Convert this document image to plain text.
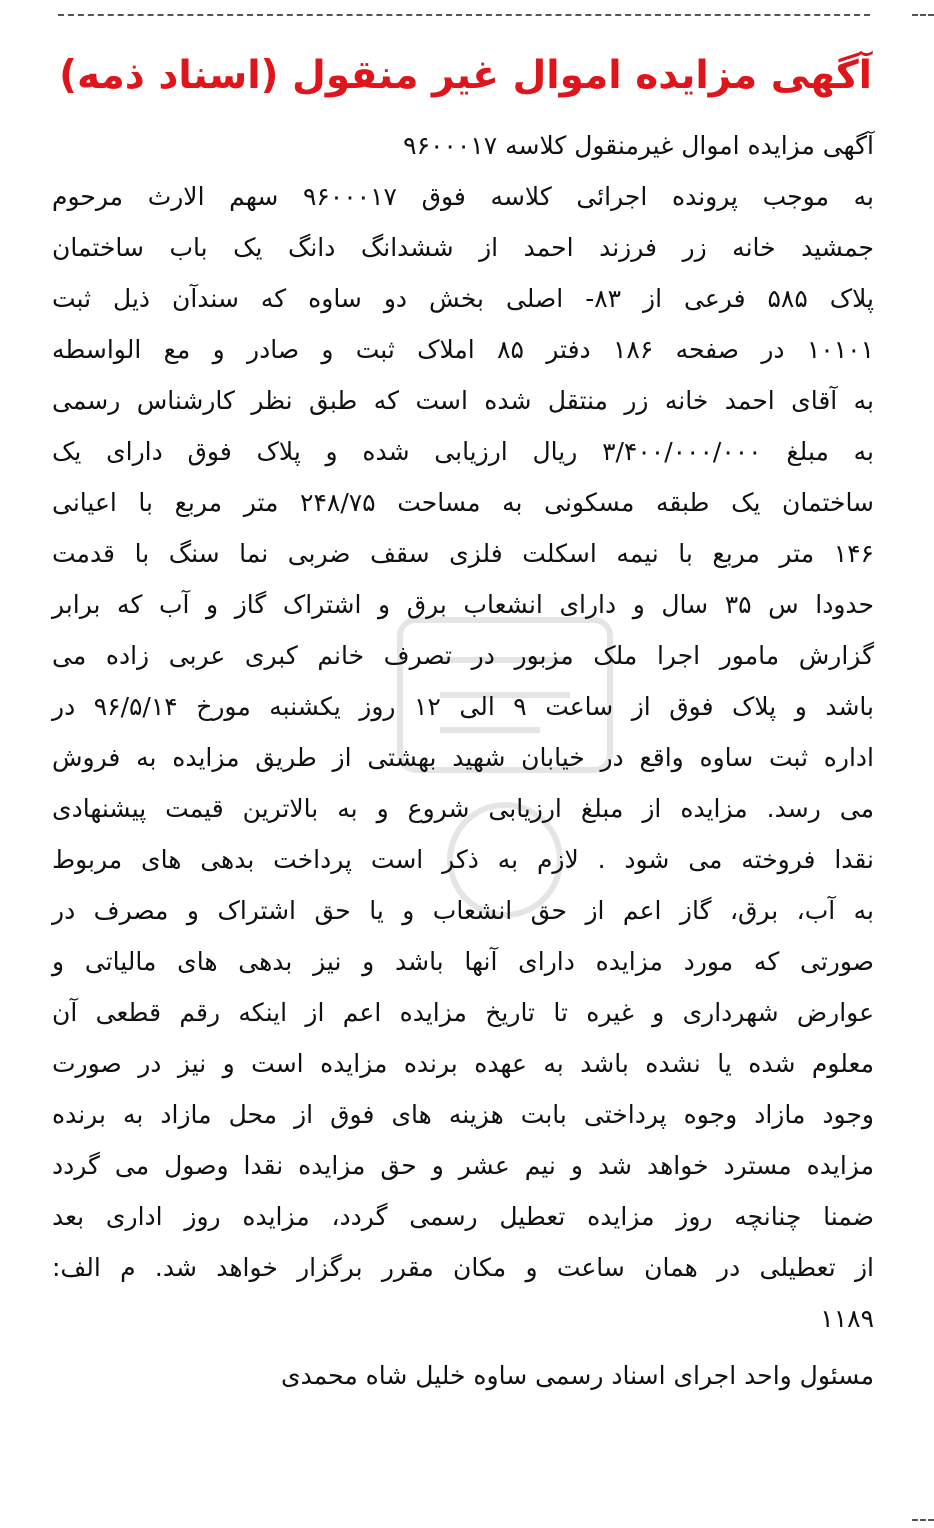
آگهی مزایده اموال غیر منقول (اسناد ذمه)
آگهی مزایده اموال غیرمنقول کلاسه ۹۶۰۰۰۱۷
به موجب پرونده اجرائی کلاسه فوق ۹۶۰۰۰۱۷ سهم الارث مرحوم
جمشید خانه زر فرزند احمد از ششدانگ دانگ یک باب ساختمان
پلاک ۵۸۵ فرعی از ۸۳- اصلی بخش دو ساوه که سندآن ذیل ثبت
۱۰۱۰۱ در صفحه ۱۸۶ دفتر ۸۵ املاک ثبت و صادر و مع الواسطه
به آقای احمد خانه زر منتقل شده است که طبق نظر کارشناس رسمی
به مبلغ ۳/۴۰۰/۰۰۰/۰۰۰ ریال ارزیابی شده و پلاک فوق دارای یک
ساختمان یک طبقه مسکونی به مساحت ۲۴۸/۷۵ متر مربع با اعیانی
۱۴۶ متر مربع با نیمه اسکلت فلزی سقف ضربی نما سنگ با قدمت
حدودا س ۳۵ سال و دارای انشعاب برق و اشتراک گاز و آب که برابر
گزارش مامور اجرا ملک مزبور در تصرف خانم کبری عربی زاده می
باشد و پلاک فوق از ساعت ۹ الی ۱۲ روز یکشنبه مورخ ۹۶/۵/۱۴ در
اداره ثبت ساوه واقع در خیابان شهید بهشتی از طریق مزایده به فروش
می رسد. مزایده از مبلغ ارزیابی شروع و به بالاترین قیمت پیشنهادی
نقدا فروخته می شود . لازم به ذکر است پرداخت بدهی های مربوط
به آب، برق، گاز اعم از حق انشعاب و یا حق اشتراک و مصرف در
صورتی که مورد مزایده دارای آنها باشد و نیز بدهی های مالیاتی و
عوارض شهرداری و غیره تا تاریخ مزایده اعم از اینکه رقم قطعی آن
معلوم شده یا نشده باشد به عهده برنده مزایده است و نیز در صورت
وجود مازاد وجوه پرداختی بابت هزینه های فوق از محل مازاد به برنده
مزایده مسترد خواهد شد و نیم عشر و حق مزایده نقدا وصول می گردد
ضمنا چنانچه روز مزایده تعطیل رسمی گردد، مزایده روز اداری بعد
از تعطیلی در همان ساعت و مکان مقرر برگزار خواهد شد. م الف:
۱۱۸۹
مسئول واحد اجرای اسناد رسمی ساوه خلیل شاه محمدی
